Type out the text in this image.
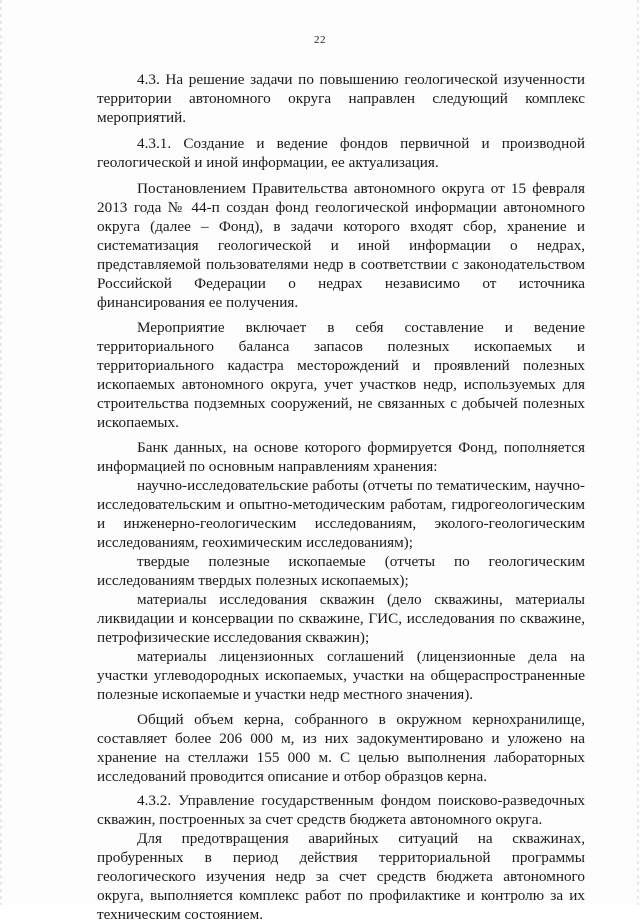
22

4.3. На решение задачи по повышению геологической изученности территории автономного округа направлен следующий комплекс мероприятий.

4.3.1. Создание и ведение фондов первичной и производной геологической и иной информации, ее актуализация.

Постановлением Правительства автономного округа от 15 февраля 2013 года № 44-п создан фонд геологической информации автономного округа (далее – Фонд), в задачи которого входят сбор, хранение и систематизация геологической и иной информации о недрах, представляемой пользователями недр в соответствии с законодательством Российской Федерации о недрах независимо от источника финансирования ее получения.

Мероприятие включает в себя составление и ведение территориального баланса запасов полезных ископаемых и территориального кадастра месторождений и проявлений полезных ископаемых автономного округа, учет участков недр, используемых для строительства подземных сооружений, не связанных с добычей полезных ископаемых.

Банк данных, на основе которого формируется Фонд, пополняется информацией по основным направлениям хранения:

научно-исследовательские работы (отчеты по тематическим, научно-исследовательским и опытно-методическим работам, гидрогеологическим и инженерно-геологическим исследованиям, эколого-геологическим исследованиям, геохимическим исследованиям);

твердые полезные ископаемые (отчеты по геологическим исследованиям твердых полезных ископаемых);

материалы исследования скважин (дело скважины, материалы ликвидации и консервации по скважине, ГИС, исследования по скважине, петрофизические исследования скважин);

материалы лицензионных соглашений (лицензионные дела на участки углеводородных ископаемых, участки на общераспространенные полезные ископаемые и участки недр местного значения).

Общий объем керна, собранного в окружном кернохранилище, составляет более 206 000 м, из них задокументировано и уложено на хранение на стеллажи 155 000 м. С целью выполнения лабораторных исследований проводится описание и отбор образцов керна.

4.3.2. Управление государственным фондом поисково-разведочных скважин, построенных за счет средств бюджета автономного округа.

Для предотвращения аварийных ситуаций на скважинах, пробуренных в период действия территориальной программы геологического изучения недр за счет средств бюджета автономного округа, выполняется комплекс работ по профилактике и контролю за их техническим состоянием.
